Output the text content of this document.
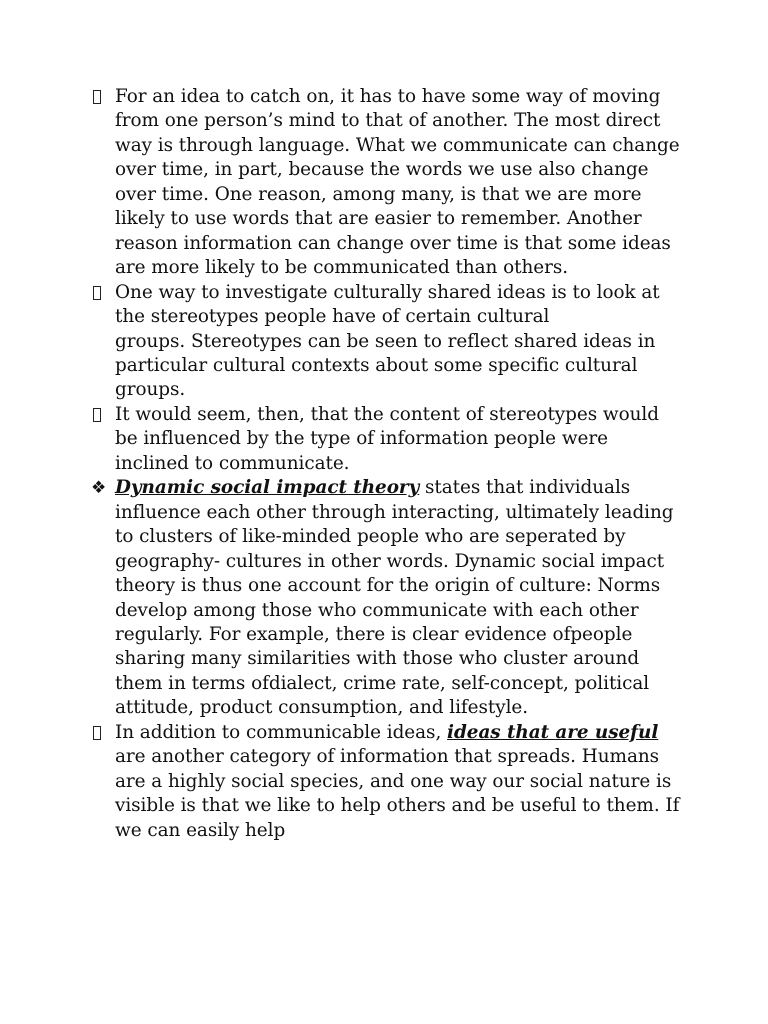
For an idea to catch on, it has to have some way of moving from one person’s mind to that of another. The most direct way is through language. What we communicate can change over time, in part, because the words we use also change over time. One reason, among many, is that we are more likely to use words that are easier to remember. Another reason information can change over time is that some ideas are more likely to be communicated than others.
One way to investigate culturally shared ideas is to look at the stereotypes people have of certain cultural groups. Stereotypes can be seen to reflect shared ideas in particular cultural contexts about some specific cultural groups.
It would seem, then, that the content of stereotypes would be influenced by the type of information people were inclined to communicate.
❖ Dynamic social impact theory states that individuals influence each other through interacting, ultimately leading to clusters of like-minded people who are seperated by geography- cultures in other words. Dynamic social impact theory is thus one account for the origin of culture: Norms develop among those who communicate with each other regularly. For example, there is clear evidence ofpeople sharing many similarities with those who cluster around them in terms ofdialect, crime rate, self-concept, political attitude, product consumption, and lifestyle.
In addition to communicable ideas, ideas that are useful are another category of information that spreads. Humans are a highly social species, and one way our social nature is visible is that we like to help others and be useful to them. If we can easily help
